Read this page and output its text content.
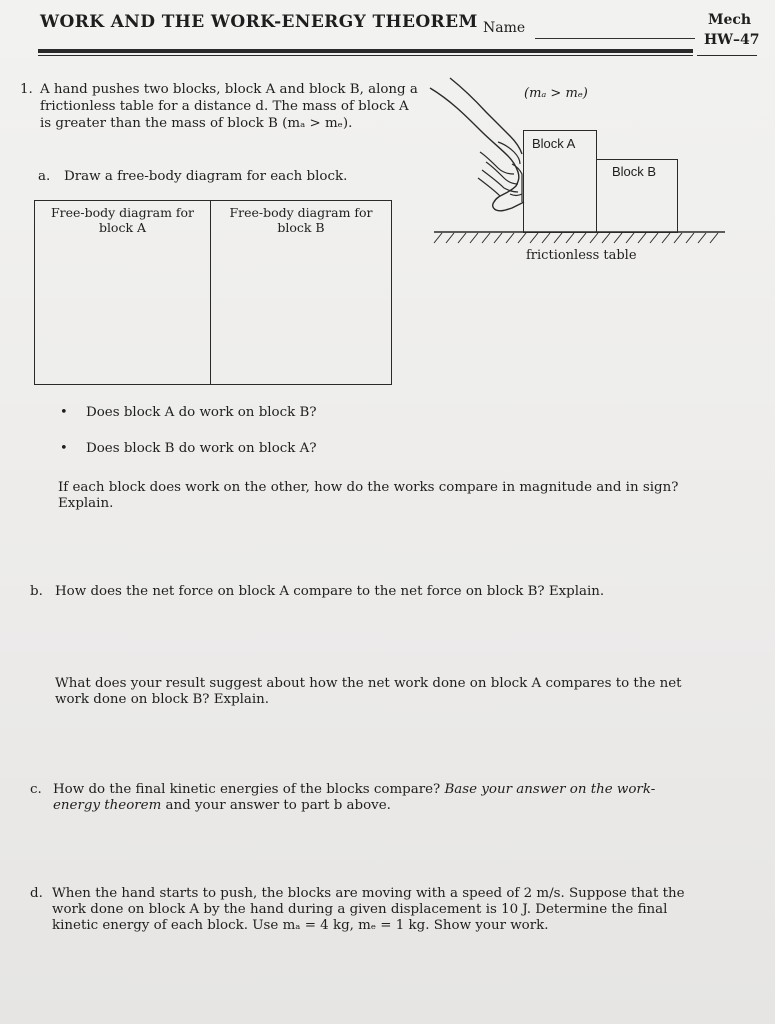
WORK AND THE WORK-ENERGY THEOREM Name	Mech
HW–47
1. A hand pushes two blocks, block A and block B, along a
frictionless table for a distance d. The mass of block A
is greater than the mass of block B (mₐ > mₑ).
(mₐ > mₑ)
Block A
Block B
frictionless table
a. Draw a free-body diagram for each block.
Free-body diagram for block A
Free-body diagram for block B
• Does block A do work on block B?
• Does block B do work on block A?
If each block does work on the other, how do the works compare in magnitude and in sign?
Explain.
b. How does the net force on block A compare to the net force on block B? Explain.
What does your result suggest about how the net work done on block A compares to the net
work done on block B? Explain.
c. How do the final kinetic energies of the blocks compare? Base your answer on the work-
energy theorem and your answer to part b above.
d. When the hand starts to push, the blocks are moving with a speed of 2 m/s. Suppose that the
work done on block A by the hand during a given displacement is 10 J. Determine the final
kinetic energy of each block. Use mₐ = 4 kg, mₑ = 1 kg. Show your work.
